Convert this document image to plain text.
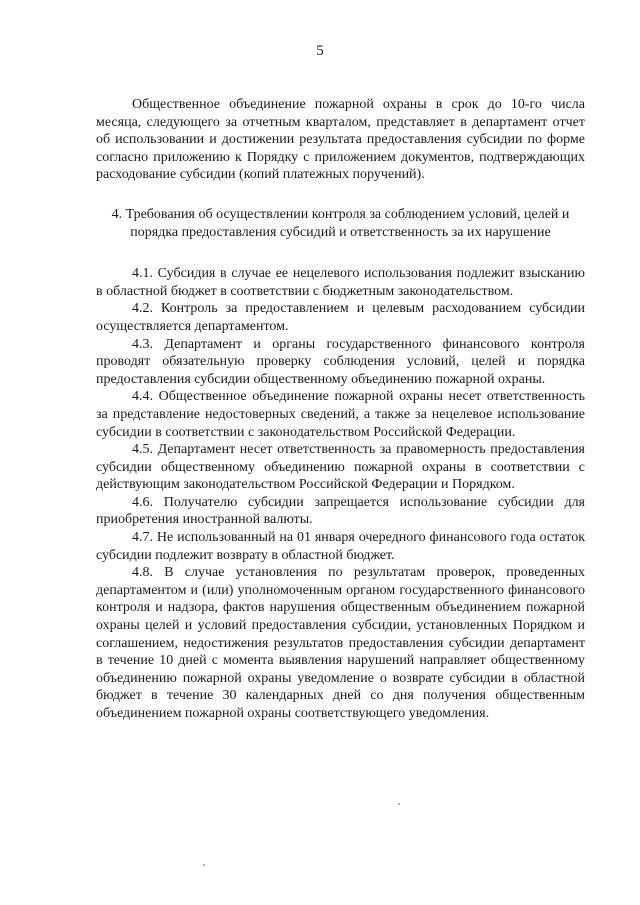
5

Общественное объединение пожарной охраны в срок до 10-го числа месяца, следующего за отчетным кварталом, представляет в департамент отчет об использовании и достижении результата предоставления субсидии по форме согласно приложению к Порядку с приложением документов, подтверждающих расходование субсидии (копий платежных поручений).

4. Требования об осуществлении контроля за соблюдением условий, целей и порядка предоставления субсидий и ответственность за их нарушение

4.1. Субсидия в случае ее нецелевого использования подлежит взысканию в областной бюджет в соответствии с бюджетным законодательством.

4.2. Контроль за предоставлением и целевым расходованием субсидии осуществляется департаментом.

4.3. Департамент и органы государственного финансового контроля проводят обязательную проверку соблюдения условий, целей и порядка предоставления субсидии общественному объединению пожарной охраны.

4.4. Общественное объединение пожарной охраны несет ответственность за представление недостоверных сведений, а также за нецелевое использование субсидии в соответствии с законодательством Российской Федерации.

4.5. Департамент несет ответственность за правомерность предоставления субсидии общественному объединению пожарной охраны в соответствии с действующим законодательством Российской Федерации и Порядком.

4.6. Получателю субсидии запрещается использование субсидии для приобретения иностранной валюты.

4.7. Не использованный на 01 января очередного финансового года остаток субсидии подлежит возврату в областной бюджет.

4.8. В случае установления по результатам проверок, проведенных департаментом и (или) уполномоченным органом государственного финансового контроля и надзора, фактов нарушения общественным объединением пожарной охраны целей и условий предоставления субсидии, установленных Порядком и соглашением, недостижения результатов предоставления субсидии департамент в течение 10 дней с момента выявления нарушений направляет общественному объединению пожарной охраны уведомление о возврате субсидии в областной бюджет в течение 30 календарных дней со дня получения общественным объединением пожарной охраны соответствующего уведомления.
